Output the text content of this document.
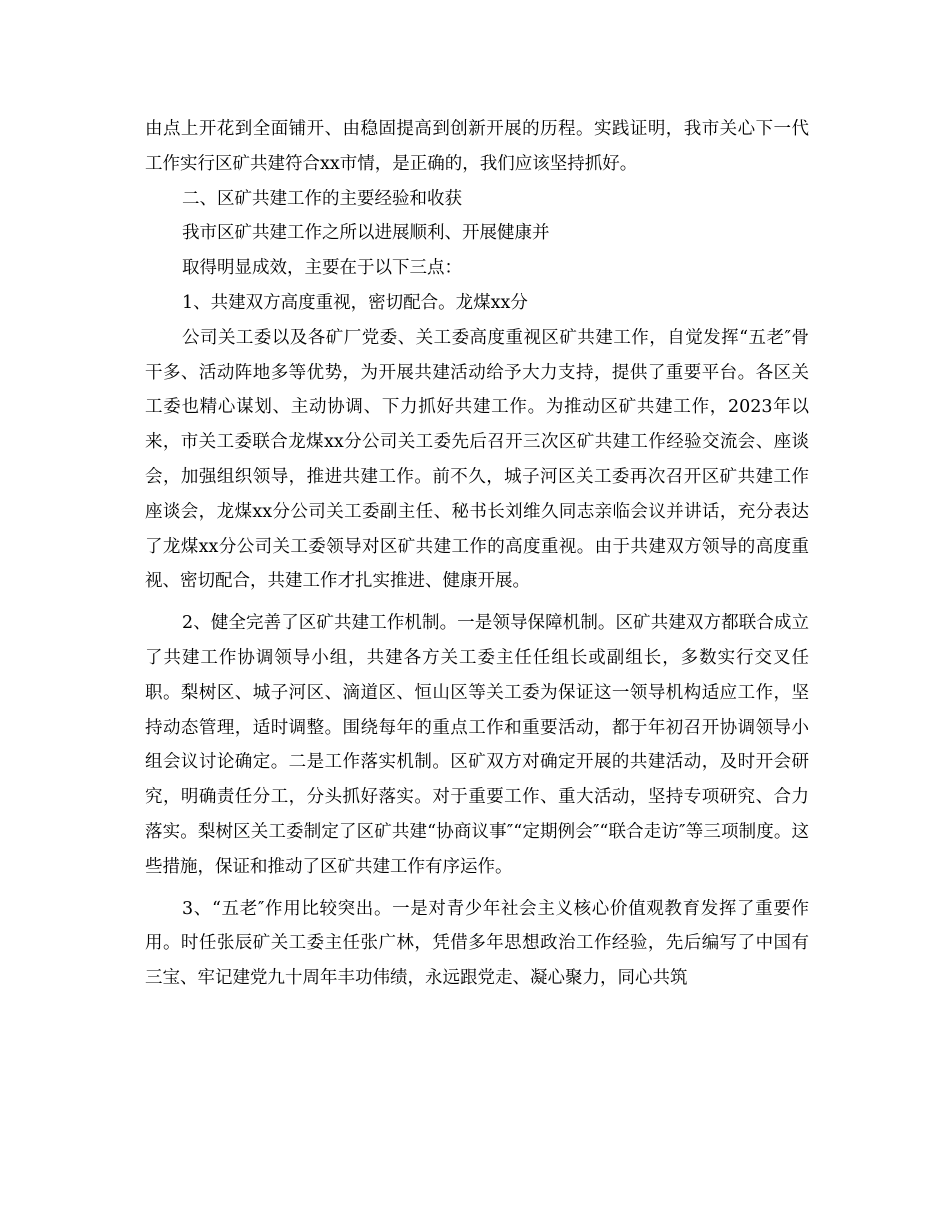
由点上开花到全面铺开、由稳固提高到创新开展的历程。实践证明，我市关心下一代工作实行区矿共建符合xx市情，是正确的，我们应该坚持抓好。

二、区矿共建工作的主要经验和收获

我市区矿共建工作之所以进展顺利、开展健康并

取得明显成效，主要在于以下三点：

1、共建双方高度重视，密切配合。龙煤xx分

公司关工委以及各矿厂党委、关工委高度重视区矿共建工作，自觉发挥“五老″骨干多、活动阵地多等优势，为开展共建活动给予大力支持，提供了重要平台。各区关工委也精心谋划、主动协调、下力抓好共建工作。为推动区矿共建工作，2023年以来，市关工委联合龙煤xx分公司关工委先后召开三次区矿共建工作经验交流会、座谈会，加强组织领导，推进共建工作。前不久，城子河区关工委再次召开区矿共建工作座谈会，龙煤xx分公司关工委副主任、秘书长刘维久同志亲临会议并讲话，充分表达了龙煤xx分公司关工委领导对区矿共建工作的高度重视。由于共建双方领导的高度重视、密切配合，共建工作才扎实推进、健康开展。

2、健全完善了区矿共建工作机制。一是领导保障机制。区矿共建双方都联合成立了共建工作协调领导小组，共建各方关工委主任任组长或副组长，多数实行交叉任职。梨树区、城子河区、滴道区、恒山区等关工委为保证这一领导机构适应工作，坚持动态管理，适时调整。围绕每年的重点工作和重要活动，都于年初召开协调领导小组会议讨论确定。二是工作落实机制。区矿双方对确定开展的共建活动，及时开会研究，明确责任分工，分头抓好落实。对于重要工作、重大活动，坚持专项研究、合力落实。梨树区关工委制定了区矿共建“协商议事″“定期例会″“联合走访″等三项制度。这些措施，保证和推动了区矿共建工作有序运作。

3、“五老″作用比较突出。一是对青少年社会主义核心价值观教育发挥了重要作用。时任张辰矿关工委主任张广林，凭借多年思想政治工作经验，先后编写了中国有三宝、牢记建党九十周年丰功伟绩，永远跟党走、凝心聚力，同心共筑
